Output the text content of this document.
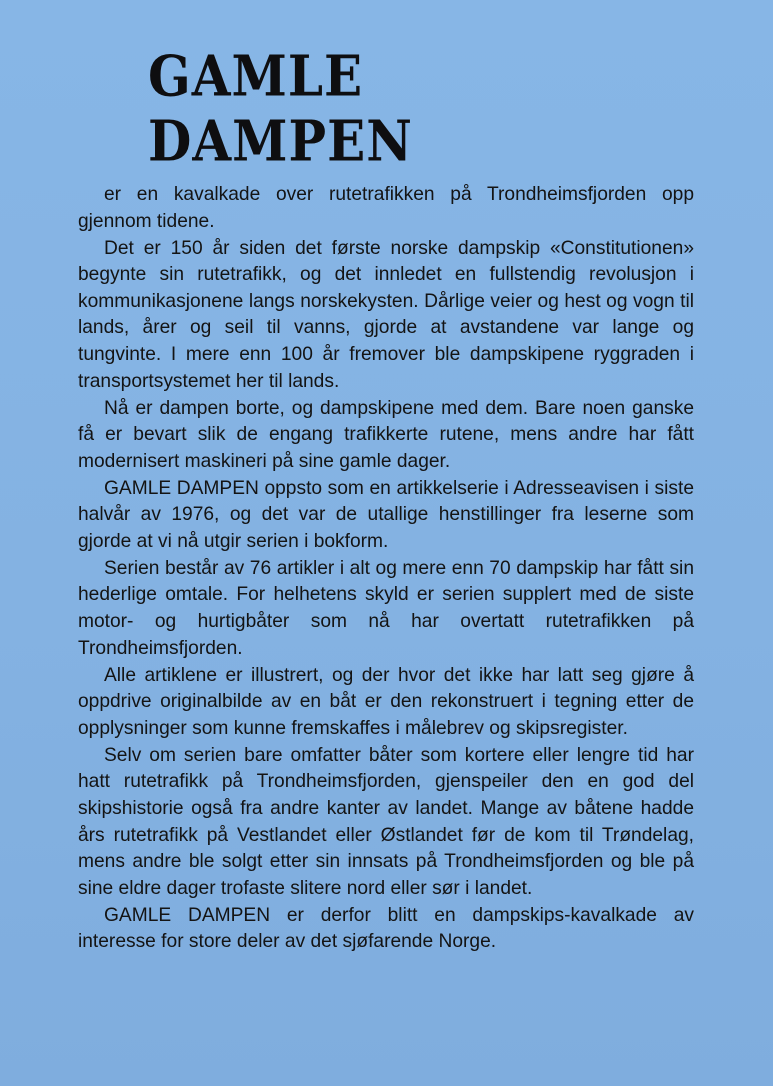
GAMLE
DAMPEN

er en kavalkade over rutetrafikken på Trondheimsfjorden opp gjennom tidene.

Det er 150 år siden det første norske dampskip «Constitutionen» begynte sin rutetrafikk, og det innledet en fullstendig revolusjon i kommunikasjonene langs norskekysten. Dårlige veier og hest og vogn til lands, årer og seil til vanns, gjorde at avstandene var lange og tungvinte. I mere enn 100 år fremover ble dampskipene ryggraden i transportsystemet her til lands.

Nå er dampen borte, og dampskipene med dem. Bare noen ganske få er bevart slik de engang trafikkerte rutene, mens andre har fått modernisert maskineri på sine gamle dager.

GAMLE DAMPEN oppsto som en artikkelserie i Adresseavisen i siste halvår av 1976, og det var de utallige henstillinger fra leserne som gjorde at vi nå utgir serien i bokform.

Serien består av 76 artikler i alt og mere enn 70 dampskip har fått sin hederlige omtale. For helhetens skyld er serien supplert med de siste motor- og hurtigbåter som nå har overtatt rutetrafikken på Trondheimsfjorden.

Alle artiklene er illustrert, og der hvor det ikke har latt seg gjøre å oppdrive originalbilde av en båt er den rekonstruert i tegning etter de opplysninger som kunne fremskaffes i målebrev og skipsregister.

Selv om serien bare omfatter båter som kortere eller lengre tid har hatt rutetrafikk på Trondheimsfjorden, gjenspeiler den en god del skipshistorie også fra andre kanter av landet. Mange av båtene hadde års rutetrafikk på Vestlandet eller Østlandet før de kom til Trøndelag, mens andre ble solgt etter sin innsats på Trondheimsfjorden og ble på sine eldre dager trofaste slitere nord eller sør i landet.

GAMLE DAMPEN er derfor blitt en dampskips-kavalkade av interesse for store deler av det sjøfarende Norge.
